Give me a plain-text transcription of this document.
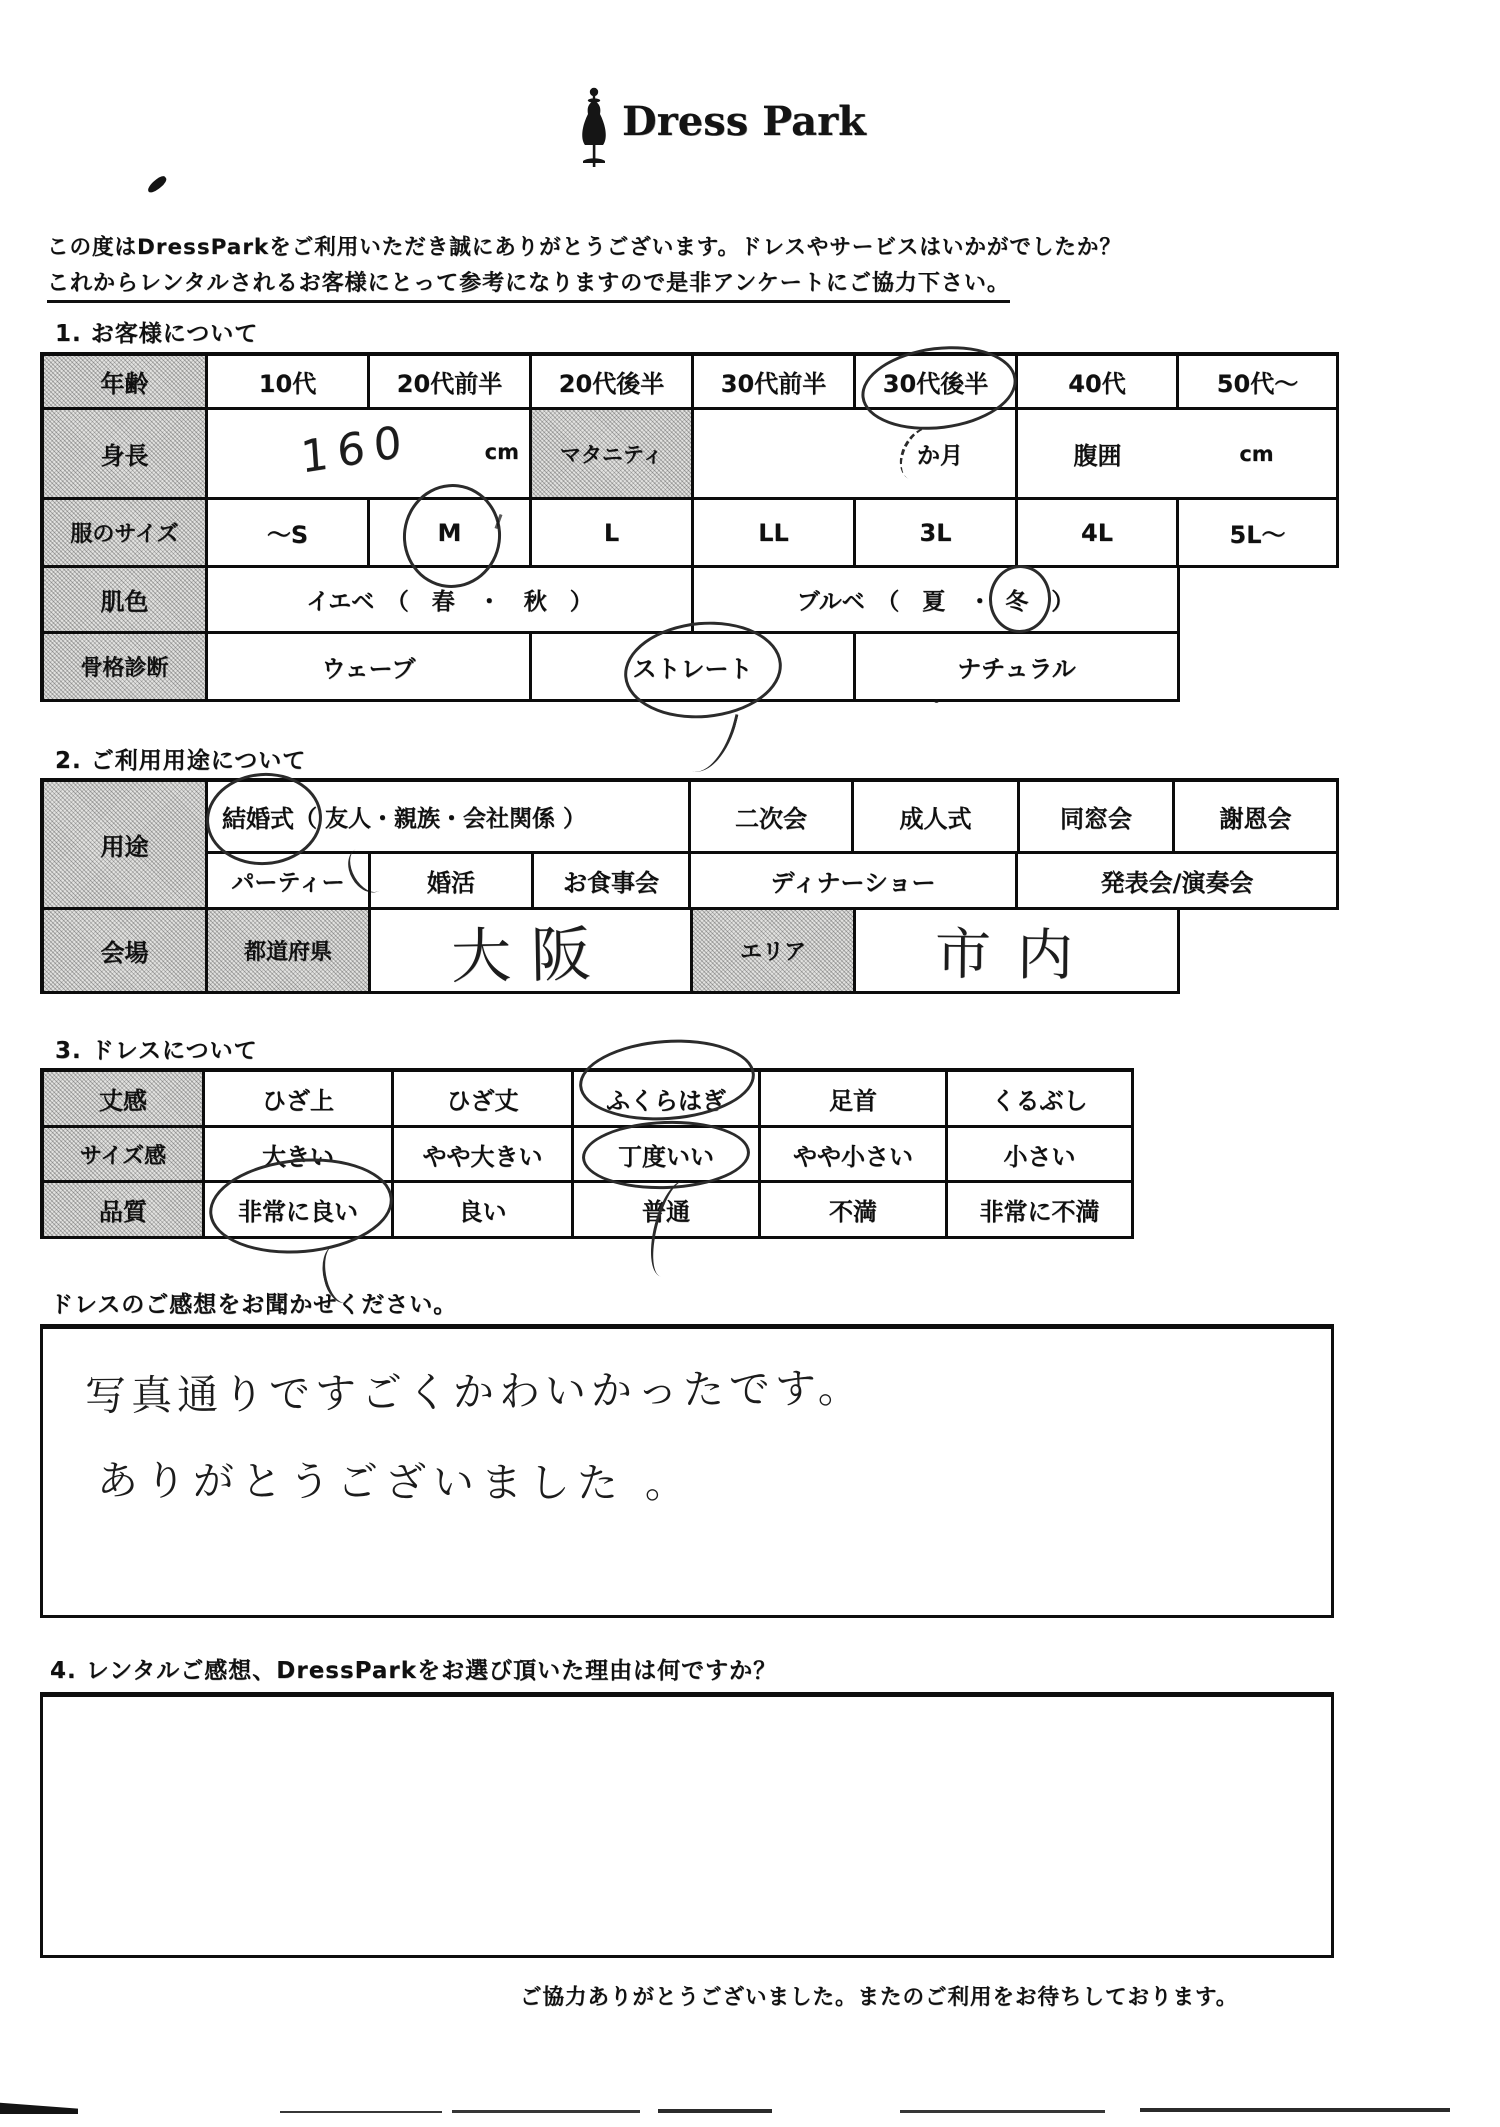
Dress Park
この度はDressParkをご利用いただき誠にありがとうございます。ドレスやサービスはいかがでしたか？
これからレンタルされるお客様にとって参考になりますので是非アンケートにご協力下さい。
1. お客様について
年齢	10代	20代前半	20代後半	30代前半	30代後半	40代	50代～
身長	160	cm	マタニティ	か月	腹囲	cm
服のサイズ	～S	M	L	LL	3L	4L	5L～
肌色	イエベ　（　春　・　秋　）	ブルベ　（　夏　・ 冬 　）
骨格診断	ウェーブ	ストレート	ナチュラル
2. ご利用用途について
用途
結婚式 （ 友人・親族・会社関係 ）	二次会	成人式	同窓会	謝恩会
パーティー	婚活	お食事会	ディナーショー	発表会/演奏会
会場	都道府県	大阪	エリア	市内
3. ドレスについて
丈感	ひざ上	ひざ丈	ふくらはぎ	足首	くるぶし
サイズ感	大きい	やや大きい	丁度いい	やや小さい	小さい
品質	非常に良い	良い	普通	不満	非常に不満
ドレスのご感想をお聞かせください。
写真通りですごくかわいかったです。
ありがとうございました 。
4. レンタルご感想、DressParkをお選び頂いた理由は何ですか？
ご協力ありがとうございました。またのご利用をお待ちしております。
